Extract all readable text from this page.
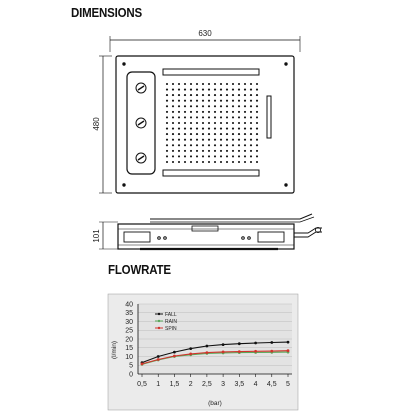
DIMENSIONS
FLOWRATE
630
480
101
0
5
10
15
20
25
30
35
40
0,5 1 1,5 2 2,5 3 3,5 4 4,5 5
FALL
RAIN
SPIN
(l/min)
(bar)
